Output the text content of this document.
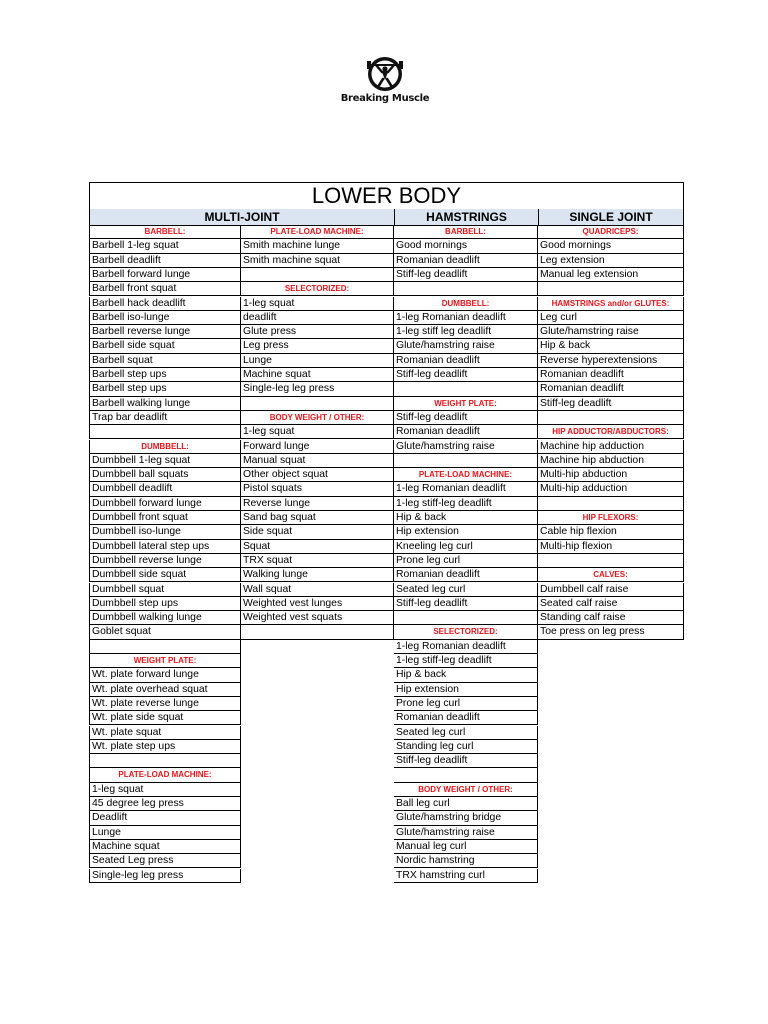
Breaking Muscle
LOWER BODY
MULTI-JOINT	HAMSTRINGS	SINGLE JOINT
BARBELL:
Barbell 1-leg squat
Barbell deadlift
Barbell forward lunge
Barbell front squat
Barbell hack deadlift
Barbell iso-lunge
Barbell reverse lunge
Barbell side squat
Barbell squat
Barbell step ups
Barbell step ups
Barbell walking lunge
Trap bar deadlift
DUMBBELL:
Dumbbell 1-leg squat
Dumbbell ball squats
Dumbbell deadlift
Dumbbell forward lunge
Dumbbell front squat
Dumbbell iso-lunge
Dumbbell lateral step ups
Dumbbell reverse lunge
Dumbbell side squat
Dumbbell squat
Dumbbell step ups
Dumbbell walking lunge
Goblet squat
WEIGHT PLATE:
Wt. plate forward lunge
Wt. plate overhead squat
Wt. plate reverse lunge
Wt. plate side squat
Wt. plate squat
Wt. plate step ups
PLATE-LOAD MACHINE:
1-leg squat
45 degree leg press
Deadlift
Lunge
Machine squat
Seated Leg press
Single-leg leg press
PLATE-LOAD MACHINE:
Smith machine lunge
Smith machine squat
SELECTORIZED:
1-leg squat
deadlift
Glute press
Leg press
Lunge
Machine squat
Single-leg leg press
BODY WEIGHT / OTHER:
1-leg squat
Forward lunge
Manual squat
Other object squat
Pistol squats
Reverse lunge
Sand bag squat
Side squat
Squat
TRX squat
Walking lunge
Wall squat
Weighted vest lunges
Weighted vest squats
BARBELL:
Good mornings
Romanian deadlift
Stiff-leg deadlift
DUMBBELL:
1-leg Romanian deadlift
1-leg stiff leg deadlift
Glute/hamstring raise
Romanian deadlift
Stiff-leg deadlift
WEIGHT PLATE:
Stiff-leg deadlift
Romanian deadlift
Glute/hamstring raise
PLATE-LOAD MACHINE:
1-leg Romanian deadlift
1-leg stiff-leg deadlift
Hip & back
Hip extension
Kneeling leg curl
Prone leg curl
Romanian deadlift
Seated leg curl
Stiff-leg deadlift
SELECTORIZED:
1-leg Romanian deadlift
1-leg stiff-leg deadlift
Hip & back
Hip extension
Prone leg curl
Romanian deadlift
Seated leg curl
Standing leg curl
Stiff-leg deadlift
BODY WEIGHT / OTHER:
Ball leg curl
Glute/hamstring bridge
Glute/hamstring raise
Manual leg curl
Nordic hamstring
TRX hamstring curl
QUADRICEPS:
Good mornings
Leg extension
Manual leg extension
HAMSTRINGS and/or GLUTES:
Leg curl
Glute/hamstring raise
Hip & back
Reverse hyperextensions
Romanian deadlift
Romanian deadlift
Stiff-leg deadlift
HIP ADDUCTOR/ABDUCTORS:
Machine hip adduction
Machine hip abduction
Multi-hip abduction
Multi-hip adduction
HIP FLEXORS:
Cable hip flexion
Multi-hip flexion
CALVES:
Dumbbell calf raise
Seated calf raise
Standing calf raise
Toe press on leg press
